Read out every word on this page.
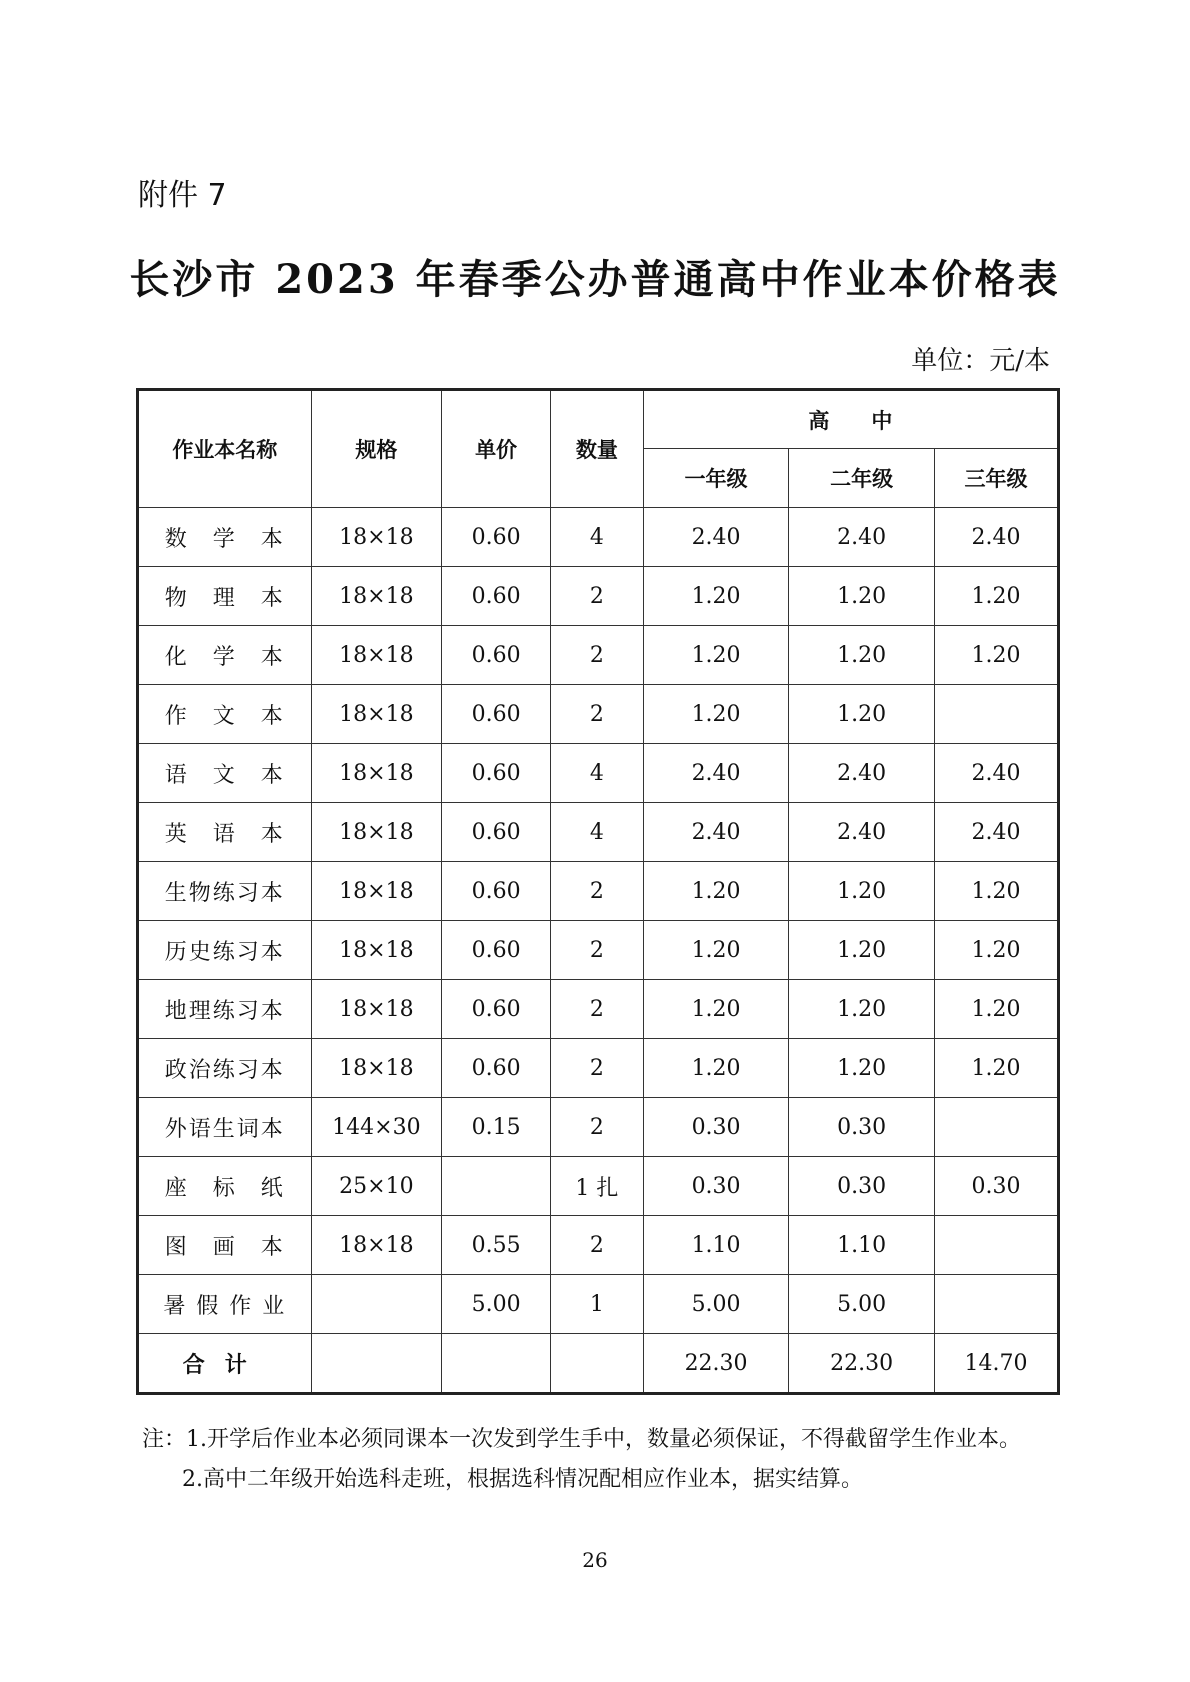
附件 7
长沙市 2023 年春季公办普通高中作业本价格表
单位：元/本
作业本名称	规格	单价	数量	高　　中		
				一年级	二年级	三年级
数　学　本	18×18	0.60	4	2.40	2.40	2.40
物　理　本	18×18	0.60	2	1.20	1.20	1.20
化　学　本	18×18	0.60	2	1.20	1.20	1.20
作　文　本	18×18	0.60	2	1.20	1.20	
语　文　本	18×18	0.60	4	2.40	2.40	2.40
英　语　本	18×18	0.60	4	2.40	2.40	2.40
生物练习本	18×18	0.60	2	1.20	1.20	1.20
历史练习本	18×18	0.60	2	1.20	1.20	1.20
地理练习本	18×18	0.60	2	1.20	1.20	1.20
政治练习本	18×18	0.60	2	1.20	1.20	1.20
外语生词本	144×30	0.15	2	0.30	0.30	
座　标　纸	25×10		1 扎	0.30	0.30	0.30
图　画　本	18×18	0.55	2	1.10	1.10	
暑 假 作 业		5.00	1	5.00	5.00	
合计				22.30	22.30	14.70
注：1.开学后作业本必须同课本一次发到学生手中，数量必须保证，不得截留学生作业本。
2.高中二年级开始选科走班，根据选科情况配相应作业本，据实结算。
26
